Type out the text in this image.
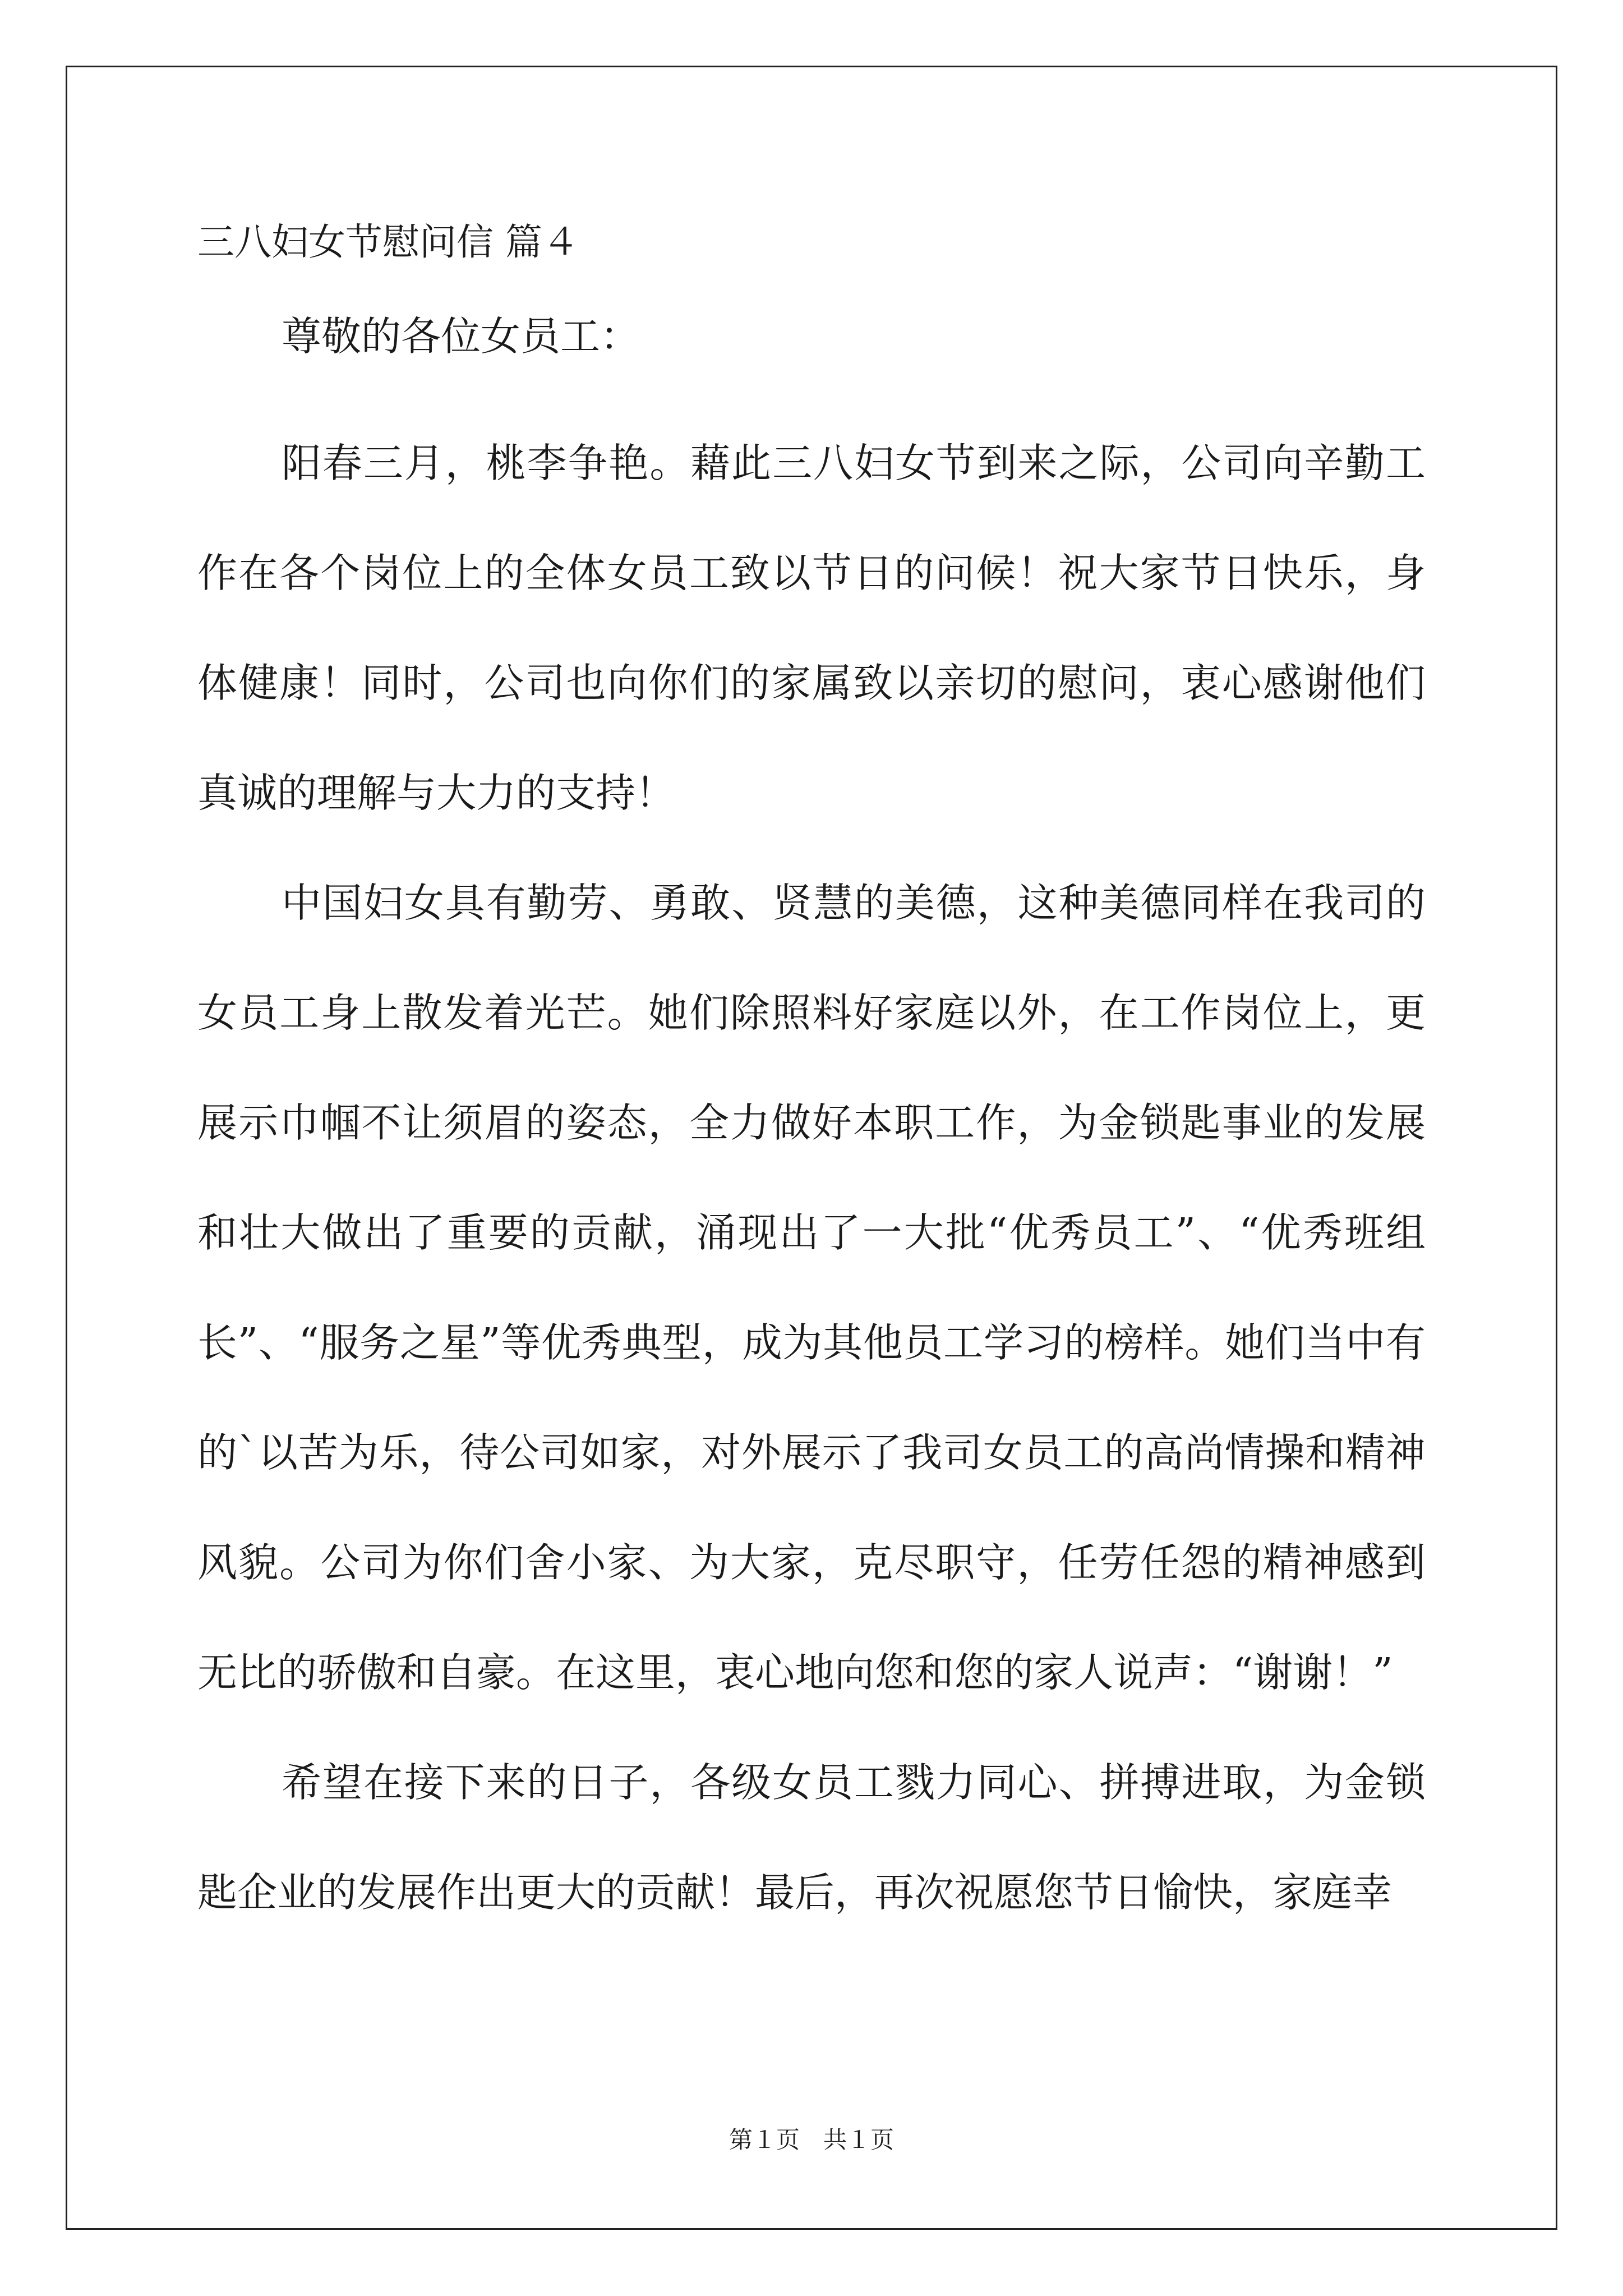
三八妇女节慰问信 篇４

尊敬的各位女员工：

阳春三月，桃李争艳。藉此三八妇女节到来之际，公司向辛勤工作在各个岗位上的全体女员工致以节日的问候！祝大家节日快乐，身体健康！同时，公司也向你们的家属致以亲切的慰问，衷心感谢他们真诚的理解与大力的支持！

中国妇女具有勤劳、勇敢、贤慧的美德，这种美德同样在我司的女员工身上散发着光芒。她们除照料好家庭以外，在工作岗位上，更展示巾帼不让须眉的姿态，全力做好本职工作，为金锁匙事业的发展和壮大做出了重要的贡献，涌现出了一大批“优秀员工”、“优秀班组长”、“服务之星”等优秀典型，成为其他员工学习的榜样。她们当中有的`以苦为乐，待公司如家，对外展示了我司女员工的高尚情操和精神风貌。公司为你们舍小家、为大家，克尽职守，任劳任怨的精神感到无比的骄傲和自豪。在这里，衷心地向您和您的家人说声：“谢谢！”

希望在接下来的日子，各级女员工戮力同心、拼搏进取，为金锁匙企业的发展作出更大的贡献！最后，再次祝愿您节日愉快，家庭幸

第１页　共１页
